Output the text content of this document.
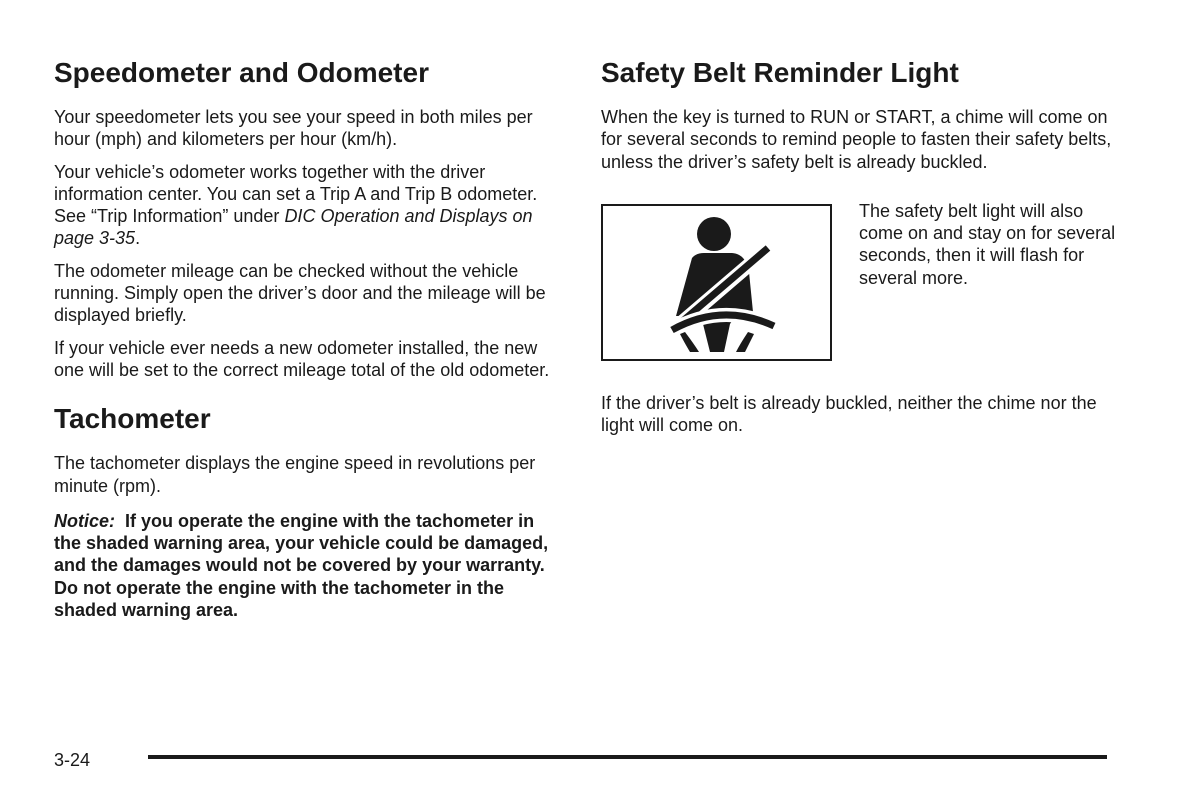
Speedometer and Odometer

Your speedometer lets you see your speed in both miles per hour (mph) and kilometers per hour (km/h).

Your vehicle’s odometer works together with the driver information center. You can set a Trip A and Trip B odometer. See “Trip Information” under DIC Operation and Displays on page 3-35.

The odometer mileage can be checked without the vehicle running. Simply open the driver’s door and the mileage will be displayed briefly.

If your vehicle ever needs a new odometer installed, the new one will be set to the correct mileage total of the old odometer.

Tachometer

The tachometer displays the engine speed in revolutions per minute (rpm).

Notice: If you operate the engine with the tachometer in the shaded warning area, your vehicle could be damaged, and the damages would not be covered by your warranty. Do not operate the engine with the tachometer in the shaded warning area.

Safety Belt Reminder Light

When the key is turned to RUN or START, a chime will come on for several seconds to remind people to fasten their safety belts, unless the driver’s safety belt is already buckled.

The safety belt light will also come on and stay on for several seconds, then it will flash for several more.

If the driver’s belt is already buckled, neither the chime nor the light will come on.

3-24
